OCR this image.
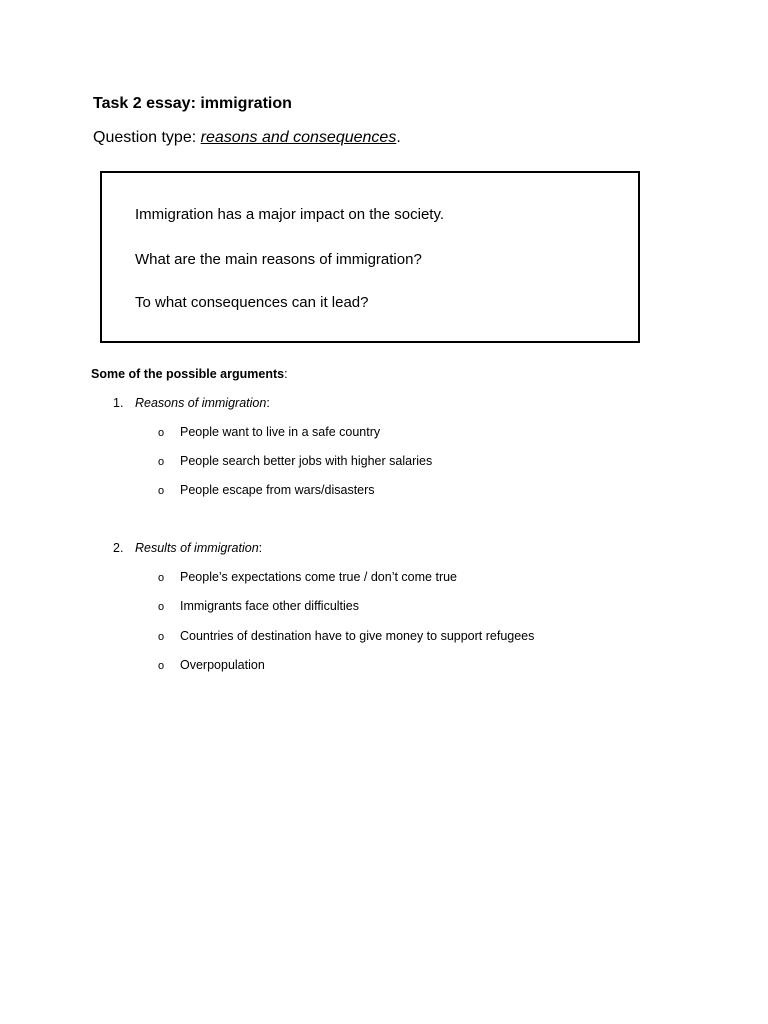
Task 2 essay: immigration

Question type: reasons and consequences.

Immigration has a major impact on the society.
What are the main reasons of immigration?
To what consequences can it lead?

Some of the possible arguments:

1. Reasons of immigration:
o People want to live in a safe country
o People search better jobs with higher salaries
o People escape from wars/disasters
2. Results of immigration:
o People’s expectations come true / don’t come true
o Immigrants face other difficulties
o Countries of destination have to give money to support refugees
o Overpopulation
